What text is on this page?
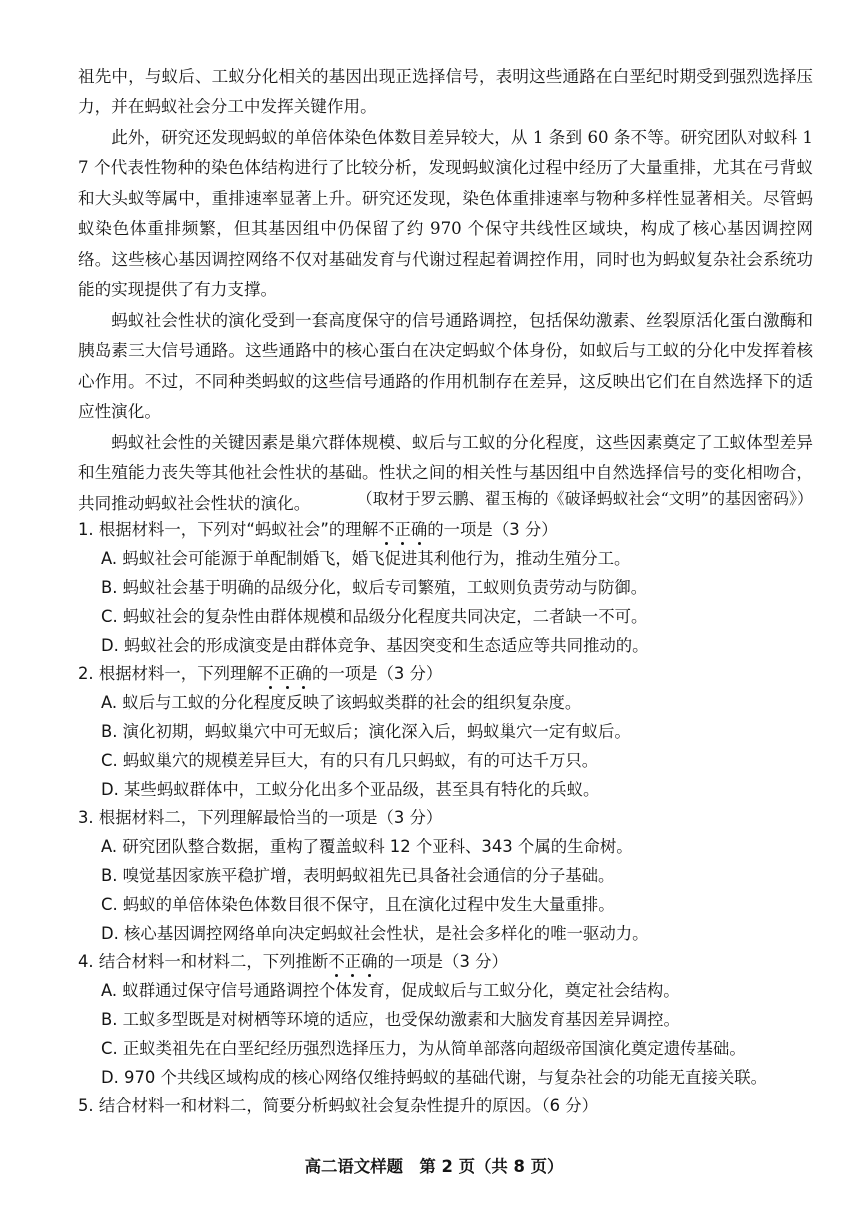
祖先中，与蚁后、工蚁分化相关的基因出现正选择信号，表明这些通路在白垩纪时期受到强烈选择压力，并在蚂蚁社会分工中发挥关键作用。
此外，研究还发现蚂蚁的单倍体染色体数目差异较大，从 1 条到 60 条不等。研究团队对蚁科 17 个代表性物种的染色体结构进行了比较分析，发现蚂蚁演化过程中经历了大量重排，尤其在弓背蚁和大头蚁等属中，重排速率显著上升。研究还发现，染色体重排速率与物种多样性显著相关。尽管蚂蚁染色体重排频繁，但其基因组中仍保留了约 970 个保守共线性区域块，构成了核心基因调控网络。这些核心基因调控网络不仅对基础发育与代谢过程起着调控作用，同时也为蚂蚁复杂社会系统功能的实现提供了有力支撑。
蚂蚁社会性状的演化受到一套高度保守的信号通路调控，包括保幼激素、丝裂原活化蛋白激酶和胰岛素三大信号通路。这些通路中的核心蛋白在决定蚂蚁个体身份，如蚁后与工蚁的分化中发挥着核心作用。不过，不同种类蚂蚁的这些信号通路的作用机制存在差异，这反映出它们在自然选择下的适应性演化。
蚂蚁社会性的关键因素是巢穴群体规模、蚁后与工蚁的分化程度，这些因素奠定了工蚁体型差异和生殖能力丧失等其他社会性状的基础。性状之间的相关性与基因组中自然选择信号的变化相吻合，共同推动蚂蚁社会性状的演化。	（取材于罗云鹏、翟玉梅的《破译蚂蚁社会“文明”的基因密码》）
1. 根据材料一，下列对“蚂蚁社会”的理解不正确的一项是（3 分）
A. 蚂蚁社会可能源于单配制婚飞，婚飞促进其利他行为，推动生殖分工。
B. 蚂蚁社会基于明确的品级分化，蚁后专司繁殖，工蚁则负责劳动与防御。
C. 蚂蚁社会的复杂性由群体规模和品级分化程度共同决定，二者缺一不可。
D. 蚂蚁社会的形成演变是由群体竞争、基因突变和生态适应等共同推动的。
2. 根据材料一，下列理解不正确的一项是（3 分）
A. 蚁后与工蚁的分化程度反映了该蚂蚁类群的社会的组织复杂度。
B. 演化初期，蚂蚁巢穴中可无蚁后；演化深入后，蚂蚁巢穴一定有蚁后。
C. 蚂蚁巢穴的规模差异巨大，有的只有几只蚂蚁，有的可达千万只。
D. 某些蚂蚁群体中，工蚁分化出多个亚品级，甚至具有特化的兵蚁。
3. 根据材料二，下列理解最恰当的一项是（3 分）
A. 研究团队整合数据，重构了覆盖蚁科 12 个亚科、343 个属的生命树。
B. 嗅觉基因家族平稳扩增，表明蚂蚁祖先已具备社会通信的分子基础。
C. 蚂蚁的单倍体染色体数目很不保守，且在演化过程中发生大量重排。
D. 核心基因调控网络单向决定蚂蚁社会性状，是社会多样化的唯一驱动力。
4. 结合材料一和材料二，下列推断不正确的一项是（3 分）
A. 蚁群通过保守信号通路调控个体发育，促成蚁后与工蚁分化，奠定社会结构。
B. 工蚁多型既是对树栖等环境的适应，也受保幼激素和大脑发育基因差异调控。
C. 正蚁类祖先在白垩纪经历强烈选择压力，为从简单部落向超级帝国演化奠定遗传基础。
D. 970 个共线区域构成的核心网络仅维持蚂蚁的基础代谢，与复杂社会的功能无直接关联。
5. 结合材料一和材料二，简要分析蚂蚁社会复杂性提升的原因。（6 分）
高二语文样题　第 2 页（共 8 页）
